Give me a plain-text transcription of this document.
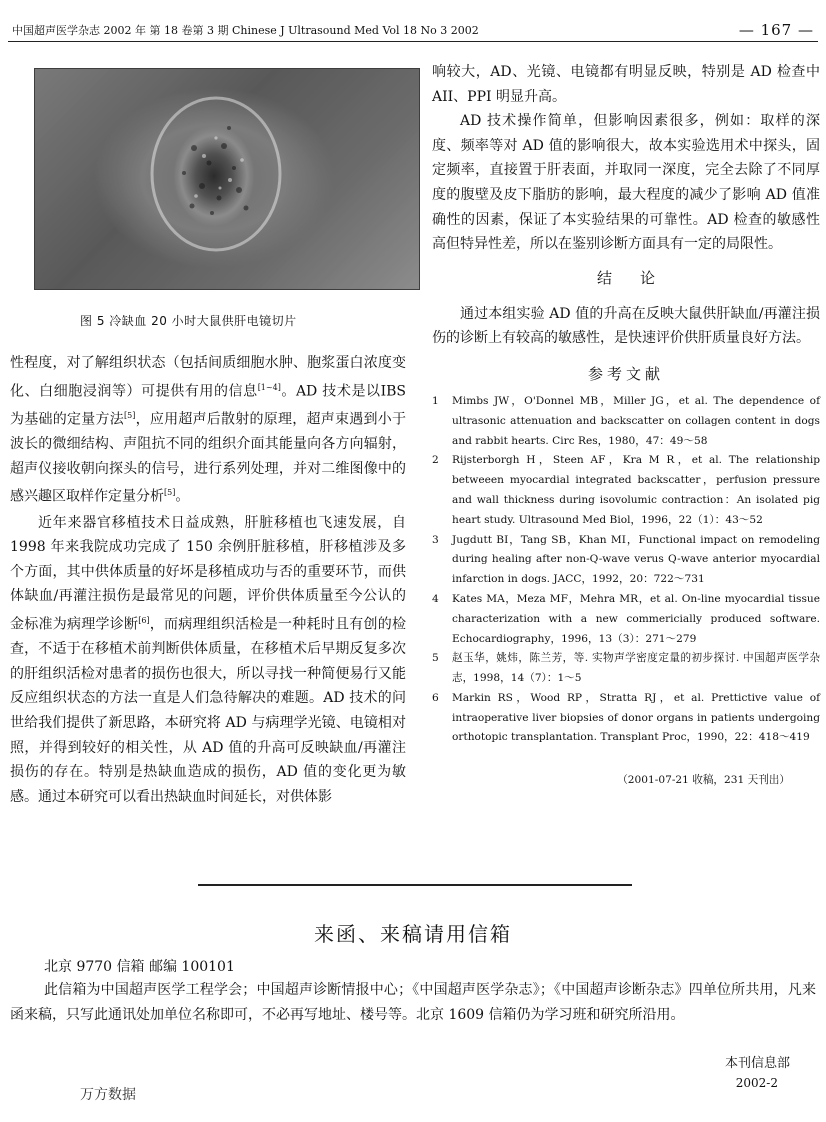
中国超声医学杂志 2002 年 第 18 卷第 3 期 Chinese J Ultrasound Med Vol 18 No 3 2002	— 167 —
图 5 冷缺血 20 小时大鼠供肝电镜切片

性程度，对了解组织状态（包括间质细胞水肿、胞浆蛋白浓度变化、白细胞浸润等）可提供有用的信息[1~4]。AD 技术是以IBS 为基础的定量方法[5]，应用超声后散射的原理，超声束遇到小于波长的微细结构、声阻抗不同的组织介面其能量向各方向辐射，超声仪接收朝向探头的信号，进行系列处理，并对二维图像中的感兴趣区取样作定量分析[5]。

近年来器官移植技术日益成熟，肝脏移植也飞速发展，自 1998 年来我院成功完成了 150 余例肝脏移植，肝移植涉及多个方面，其中供体质量的好坏是移植成功与否的重要环节，而供体缺血/再灌注损伤是最常见的问题，评价供体质量至今公认的金标准为病理学诊断[6]，而病理组织活检是一种耗时且有创的检查，不适于在移植术前判断供体质量，在移植术后早期反复多次的肝组织活检对患者的损伤也很大，所以寻找一种简便易行又能反应组织状态的方法一直是人们急待解决的难题。AD 技术的问世给我们提供了新思路，本研究将 AD 与病理学光镜、电镜相对照，并得到较好的相关性，从 AD 值的升高可反映缺血/再灌注损伤的存在。特别是热缺血造成的损伤，AD 值的变化更为敏感。通过本研究可以看出热缺血时间延长，对供体影

响较大，AD、光镜、电镜都有明显反映，特别是 AD 检查中 AII、PPI 明显升高。

AD 技术操作简单，但影响因素很多，例如：取样的深度、频率等对 AD 值的影响很大，故本实验选用术中探头，固定频率，直接置于肝表面，并取同一深度，完全去除了不同厚度的腹壁及皮下脂肪的影响，最大程度的减少了影响 AD 值准确性的因素，保证了本实验结果的可靠性。AD 检查的敏感性高但特异性差，所以在鉴别诊断方面具有一定的局限性。

结论

通过本组实验 AD 值的升高在反映大鼠供肝缺血/再灌注损伤的诊断上有较高的敏感性，是快速评价供肝质量良好方法。

参考文献
1	Mimbs JW，O'Donnel MB，Miller JG，et al. The dependence of ultrasonic attenuation and backscatter on collagen content in dogs and rabbit hearts. Circ Res，1980，47：49～58
2	Rijsterborgh H，Steen AF，Kra M R，et al. The relationship betweeen myocardial integrated backscatter，perfusion pressure and wall thickness during isovolumic contraction：An isolated pig heart study. Ultrasound Med Biol，1996，22（1）：43～52
3	Jugdutt BI，Tang SB，Khan MI，Functional impact on remodeling during healing after non-Q-wave verus Q-wave anterior myocardial infarction in dogs. JACC，1992，20：722～731
4	Kates MA，Meza MF，Mehra MR，et al. On-line myocardial tissue characterization with a new commericially produced software. Echocardiography，1996，13（3）：271～279
5	赵玉华，姚炜，陈兰芳，等. 实物声学密度定量的初步探讨. 中国超声医学杂志，1998，14（7）：1～5
6	Markin RS，Wood RP，Stratta RJ，et al. Prettictive value of intraoperative liver biopsies of donor organs in patients undergoing orthotopic transplantation. Transplant Proc，1990，22：418～419
（2001-07-21 收稿，231 天刊出）
来函、来稿请用信箱
北京 9770 信箱 邮编 100101
此信箱为中国超声医学工程学会；中国超声诊断情报中心；《中国超声医学杂志》；《中国超声诊断杂志》四单位所共用，凡来函来稿，只写此通讯处加单位名称即可，不必再写地址、楼号等。北京 1609 信箱仍为学习班和研究所沿用。
本刊信息部
2002-2
万方数据
